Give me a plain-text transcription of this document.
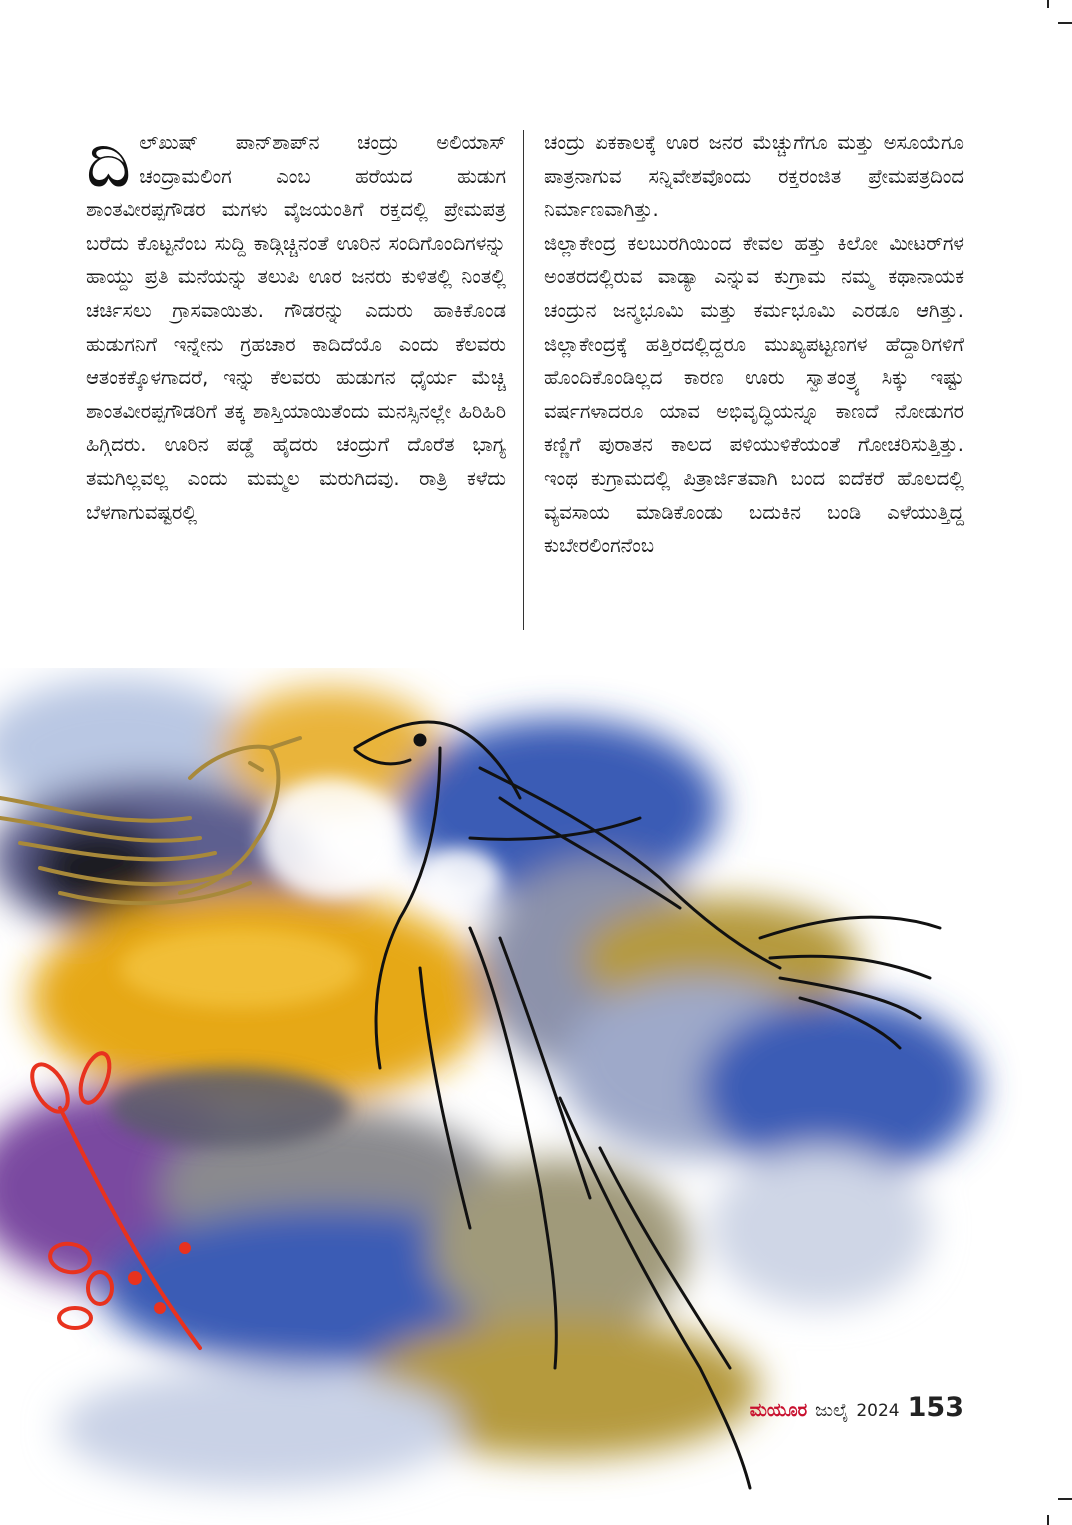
ದಿಲ್‌ಖುಷ್ ಪಾನ್‌ಶಾಪ್‌ನ ಚಂದ್ರು ಅಲಿಯಾಸ್ ಚಂದ್ರಾಮಲಿಂಗ ಎಂಬ ಹರೆಯದ ಹುಡುಗ ಶಾಂತವೀರಪ್ಪಗೌಡರ ಮಗಳು ವೈಜಯಂತಿಗೆ ರಕ್ತದಲ್ಲಿ ಪ್ರೇಮಪತ್ರ ಬರೆದು ಕೊಟ್ಟನೆಂಬ ಸುದ್ದಿ ಕಾಡ್ಗಿಚ್ಚಿನಂತೆ ಊರಿನ ಸಂದಿಗೊಂದಿಗಳನ್ನು ಹಾಯ್ದು ಪ್ರತಿ ಮನೆಯನ್ನು ತಲುಪಿ ಊರ ಜನರು ಕುಳಿತಲ್ಲಿ ನಿಂತಲ್ಲಿ ಚರ್ಚಿಸಲು ಗ್ರಾಸವಾಯಿತು. ಗೌಡರನ್ನು ಎದುರು ಹಾಕಿಕೊಂಡ ಹುಡುಗನಿಗೆ ಇನ್ನೇನು ಗ್ರಹಚಾರ ಕಾದಿದೆಯೊ ಎಂದು ಕೆಲವರು ಆತಂಕಕ್ಕೊಳಗಾದರೆ, ಇನ್ನು ಕೆಲವರು ಹುಡುಗನ ಧೈರ್ಯ ಮೆಚ್ಚಿ ಶಾಂತವೀರಪ್ಪಗೌಡರಿಗೆ ತಕ್ಕ ಶಾಸ್ತಿಯಾಯಿತೆಂದು ಮನಸ್ಸಿನಲ್ಲೇ ಹಿರಿಹಿರಿ ಹಿಗ್ಗಿದರು. ಊರಿನ ಪಡ್ಡೆ ಹೈದರು ಚಂದ್ರುಗೆ ದೊರೆತ ಭಾಗ್ಯ ತಮಗಿಲ್ಲವಲ್ಲ ಎಂದು ಮಮ್ಮಲ ಮರುಗಿದವು. ರಾತ್ರಿ ಕಳೆದು ಬೆಳಗಾಗುವಷ್ಟರಲ್ಲಿ

ಚಂದ್ರು ಏಕಕಾಲಕ್ಕೆ ಊರ ಜನರ ಮೆಚ್ಚುಗೆಗೂ ಮತ್ತು ಅಸೂಯೆಗೂ ಪಾತ್ರನಾಗುವ ಸನ್ನಿವೇಶವೊಂದು ರಕ್ತರಂಜಿತ ಪ್ರೇಮಪತ್ರದಿಂದ ನಿರ್ಮಾಣವಾಗಿತ್ತು.

ಜಿಲ್ಲಾಕೇಂದ್ರ ಕಲಬುರಗಿಯಿಂದ ಕೇವಲ ಹತ್ತು ಕಿಲೋ ಮೀಟರ್‌ಗಳ ಅಂತರದಲ್ಲಿರುವ ವಾಡ್ಯಾ ಎನ್ನುವ ಕುಗ್ರಾಮ ನಮ್ಮ ಕಥಾನಾಯಕ ಚಂದ್ರುನ ಜನ್ಮಭೂಮಿ ಮತ್ತು ಕರ್ಮಭೂಮಿ ಎರಡೂ ಆಗಿತ್ತು. ಜಿಲ್ಲಾಕೇಂದ್ರಕ್ಕೆ ಹತ್ತಿರದಲ್ಲಿದ್ದರೂ ಮುಖ್ಯಪಟ್ಟಣಗಳ ಹೆದ್ದಾರಿಗಳಿಗೆ ಹೊಂದಿಕೊಂಡಿಲ್ಲದ ಕಾರಣ ಊರು ಸ್ವಾತಂತ್ರ್ಯ ಸಿಕ್ಕು ಇಷ್ಟು ವರ್ಷಗಳಾದರೂ ಯಾವ ಅಭಿವೃದ್ಧಿಯನ್ನೂ ಕಾಣದೆ ನೋಡುಗರ ಕಣ್ಣಿಗೆ ಪುರಾತನ ಕಾಲದ ಪಳಿಯುಳಿಕೆಯಂತೆ ಗೋಚರಿಸುತ್ತಿತ್ತು.

ಇಂಥ ಕುಗ್ರಾಮದಲ್ಲಿ ಪಿತ್ರಾರ್ಜಿತವಾಗಿ ಬಂದ ಐದೆಕರೆ ಹೊಲದಲ್ಲಿ ವ್ಯವಸಾಯ ಮಾಡಿಕೊಂಡು ಬದುಕಿನ ಬಂಡಿ ಎಳೆಯುತ್ತಿದ್ದ ಕುಬೇರಲಿಂಗನೆಂಬ

ಮಯೂರ ಜುಲೈ 2024 153
